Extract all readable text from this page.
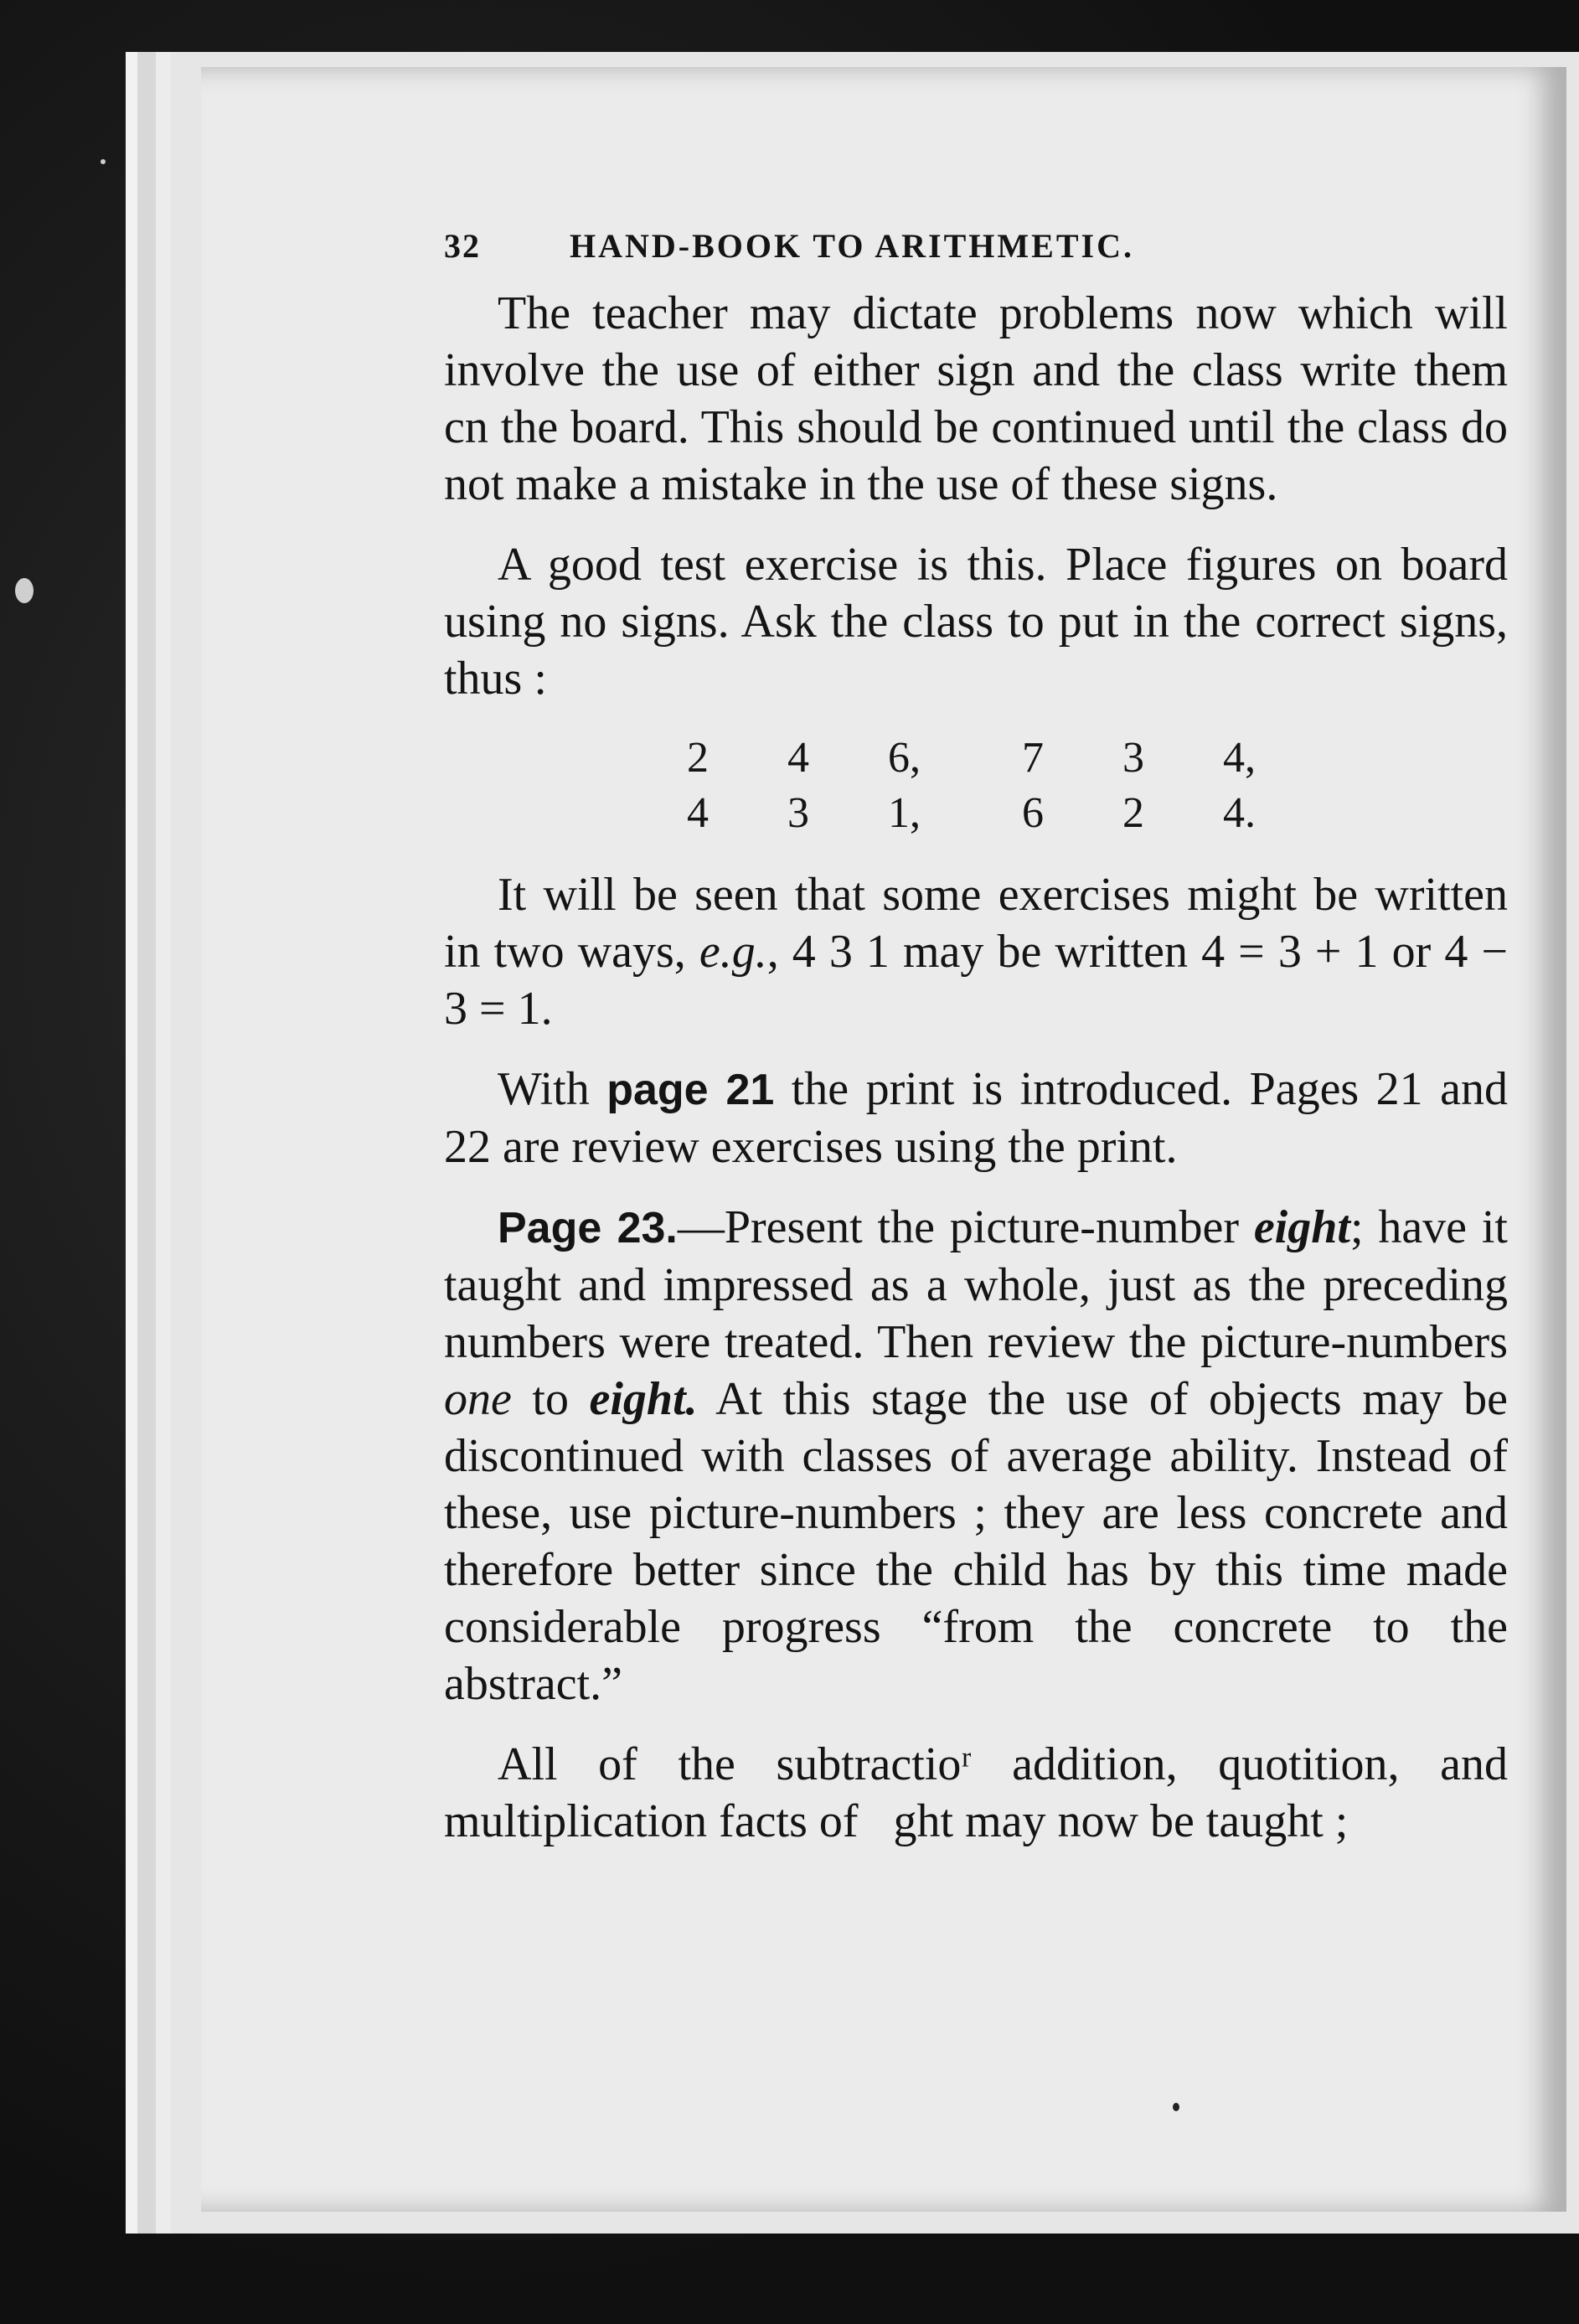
32	HAND-BOOK TO ARITHMETIC.

The teacher may dictate problems now which will involve the use of either sign and the class write them сn the board. This should be continued until the class do not make a mistake in the use of these signs.

A good test exercise is this. Place figures on board using no signs. Ask the class to put in the correct signs, thus :

2	4	6,	7	3	4,
4	3	1,	6	2	4.

It will be seen that some exercises might be written in two ways, e.g., 4 3 1 may be written 4 = 3 + 1 or 4 − 3 = 1.

With page 21 the print is introduced. Pages 21 and 22 are review exercises using the print.

Page 23.—Present the picture-number eight; have it taught and impressed as a whole, just as the preceding numbers were treated. Then review the picture-numbers one to eight. At this stage the use of objects may be discontinued with classes of average ability. Instead of these, use picture-numbers ; they are less concrete and therefore better since the child has by this time made considerable progress “from the concrete to the abstract.”

All of the subtractioʳ addition, quotition, and multiplication facts of   ght may now be taught ;
